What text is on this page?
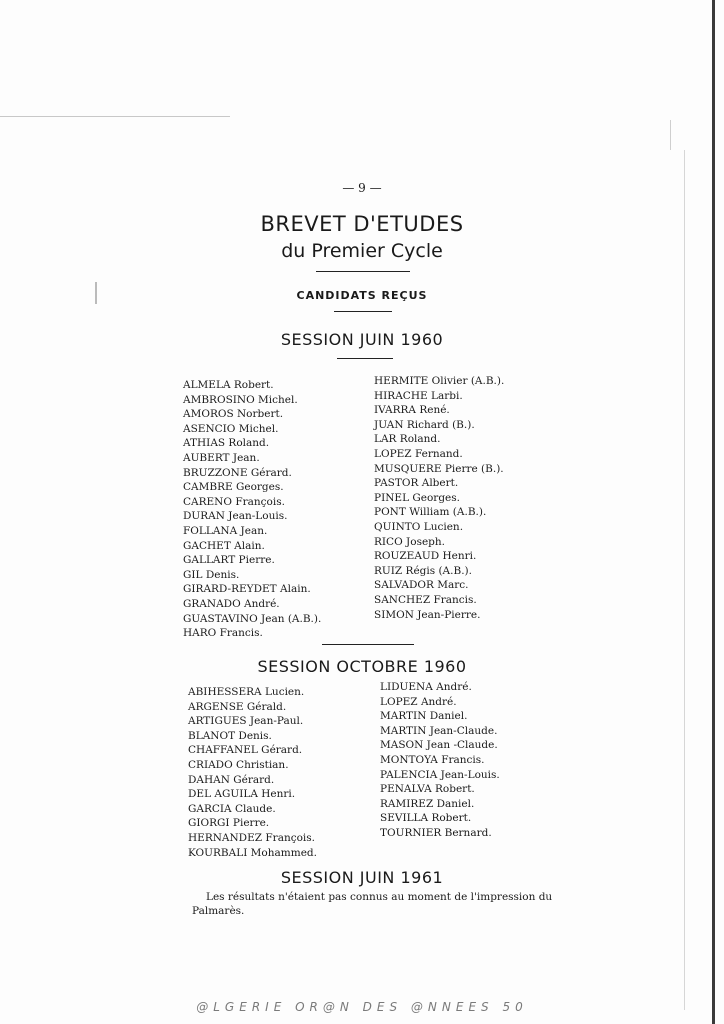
— 9 —
BREVET D'ETUDES
du Premier Cycle
CANDIDATS REÇUS
SESSION JUIN 1960
ALMELA Robert.
AMBROSINO Michel.
AMOROS Norbert.
ASENCIO Michel.
ATHIAS Roland.
AUBERT Jean.
BRUZZONE Gérard.
CAMBRE Georges.
CARENO François.
DURAN Jean-Louis.
FOLLANA Jean.
GACHET Alain.
GALLART Pierre.
GIL Denis.
GIRARD-REYDET Alain.
GRANADO André.
GUASTAVINO Jean (A.B.).
HARO Francis.
HERMITE Olivier (A.B.).
HIRACHE Larbi.
IVARRA René.
JUAN Richard (B.).
LAR Roland.
LOPEZ Fernand.
MUSQUERE Pierre (B.).
PASTOR Albert.
PINEL Georges.
PONT William (A.B.).
QUINTO Lucien.
RICO Joseph.
ROUZEAUD Henri.
RUIZ Régis (A.B.).
SALVADOR Marc.
SANCHEZ Francis.
SIMON Jean-Pierre.
SESSION OCTOBRE 1960
ABIHESSERA Lucien.
ARGENSE Gérald.
ARTIGUES Jean-Paul.
BLANOT Denis.
CHAFFANEL Gérard.
CRIADO Christian.
DAHAN Gérard.
DEL AGUILA Henri.
GARCIA Claude.
GIORGI Pierre.
HERNANDEZ François.
KOURBALI Mohammed.
LIDUENA André.
LOPEZ André.
MARTIN Daniel.
MARTIN Jean-Claude.
MASON Jean -Claude.
MONTOYA Francis.
PALENCIA Jean-Louis.
PENALVA Robert.
RAMIREZ Daniel.
SEVILLA Robert.
TOURNIER Bernard.
SESSION JUIN 1961
Les résultats n'étaient pas connus au moment de l'impression du Palmarès.
@LGERIE OR@N DES @NNEES 50
